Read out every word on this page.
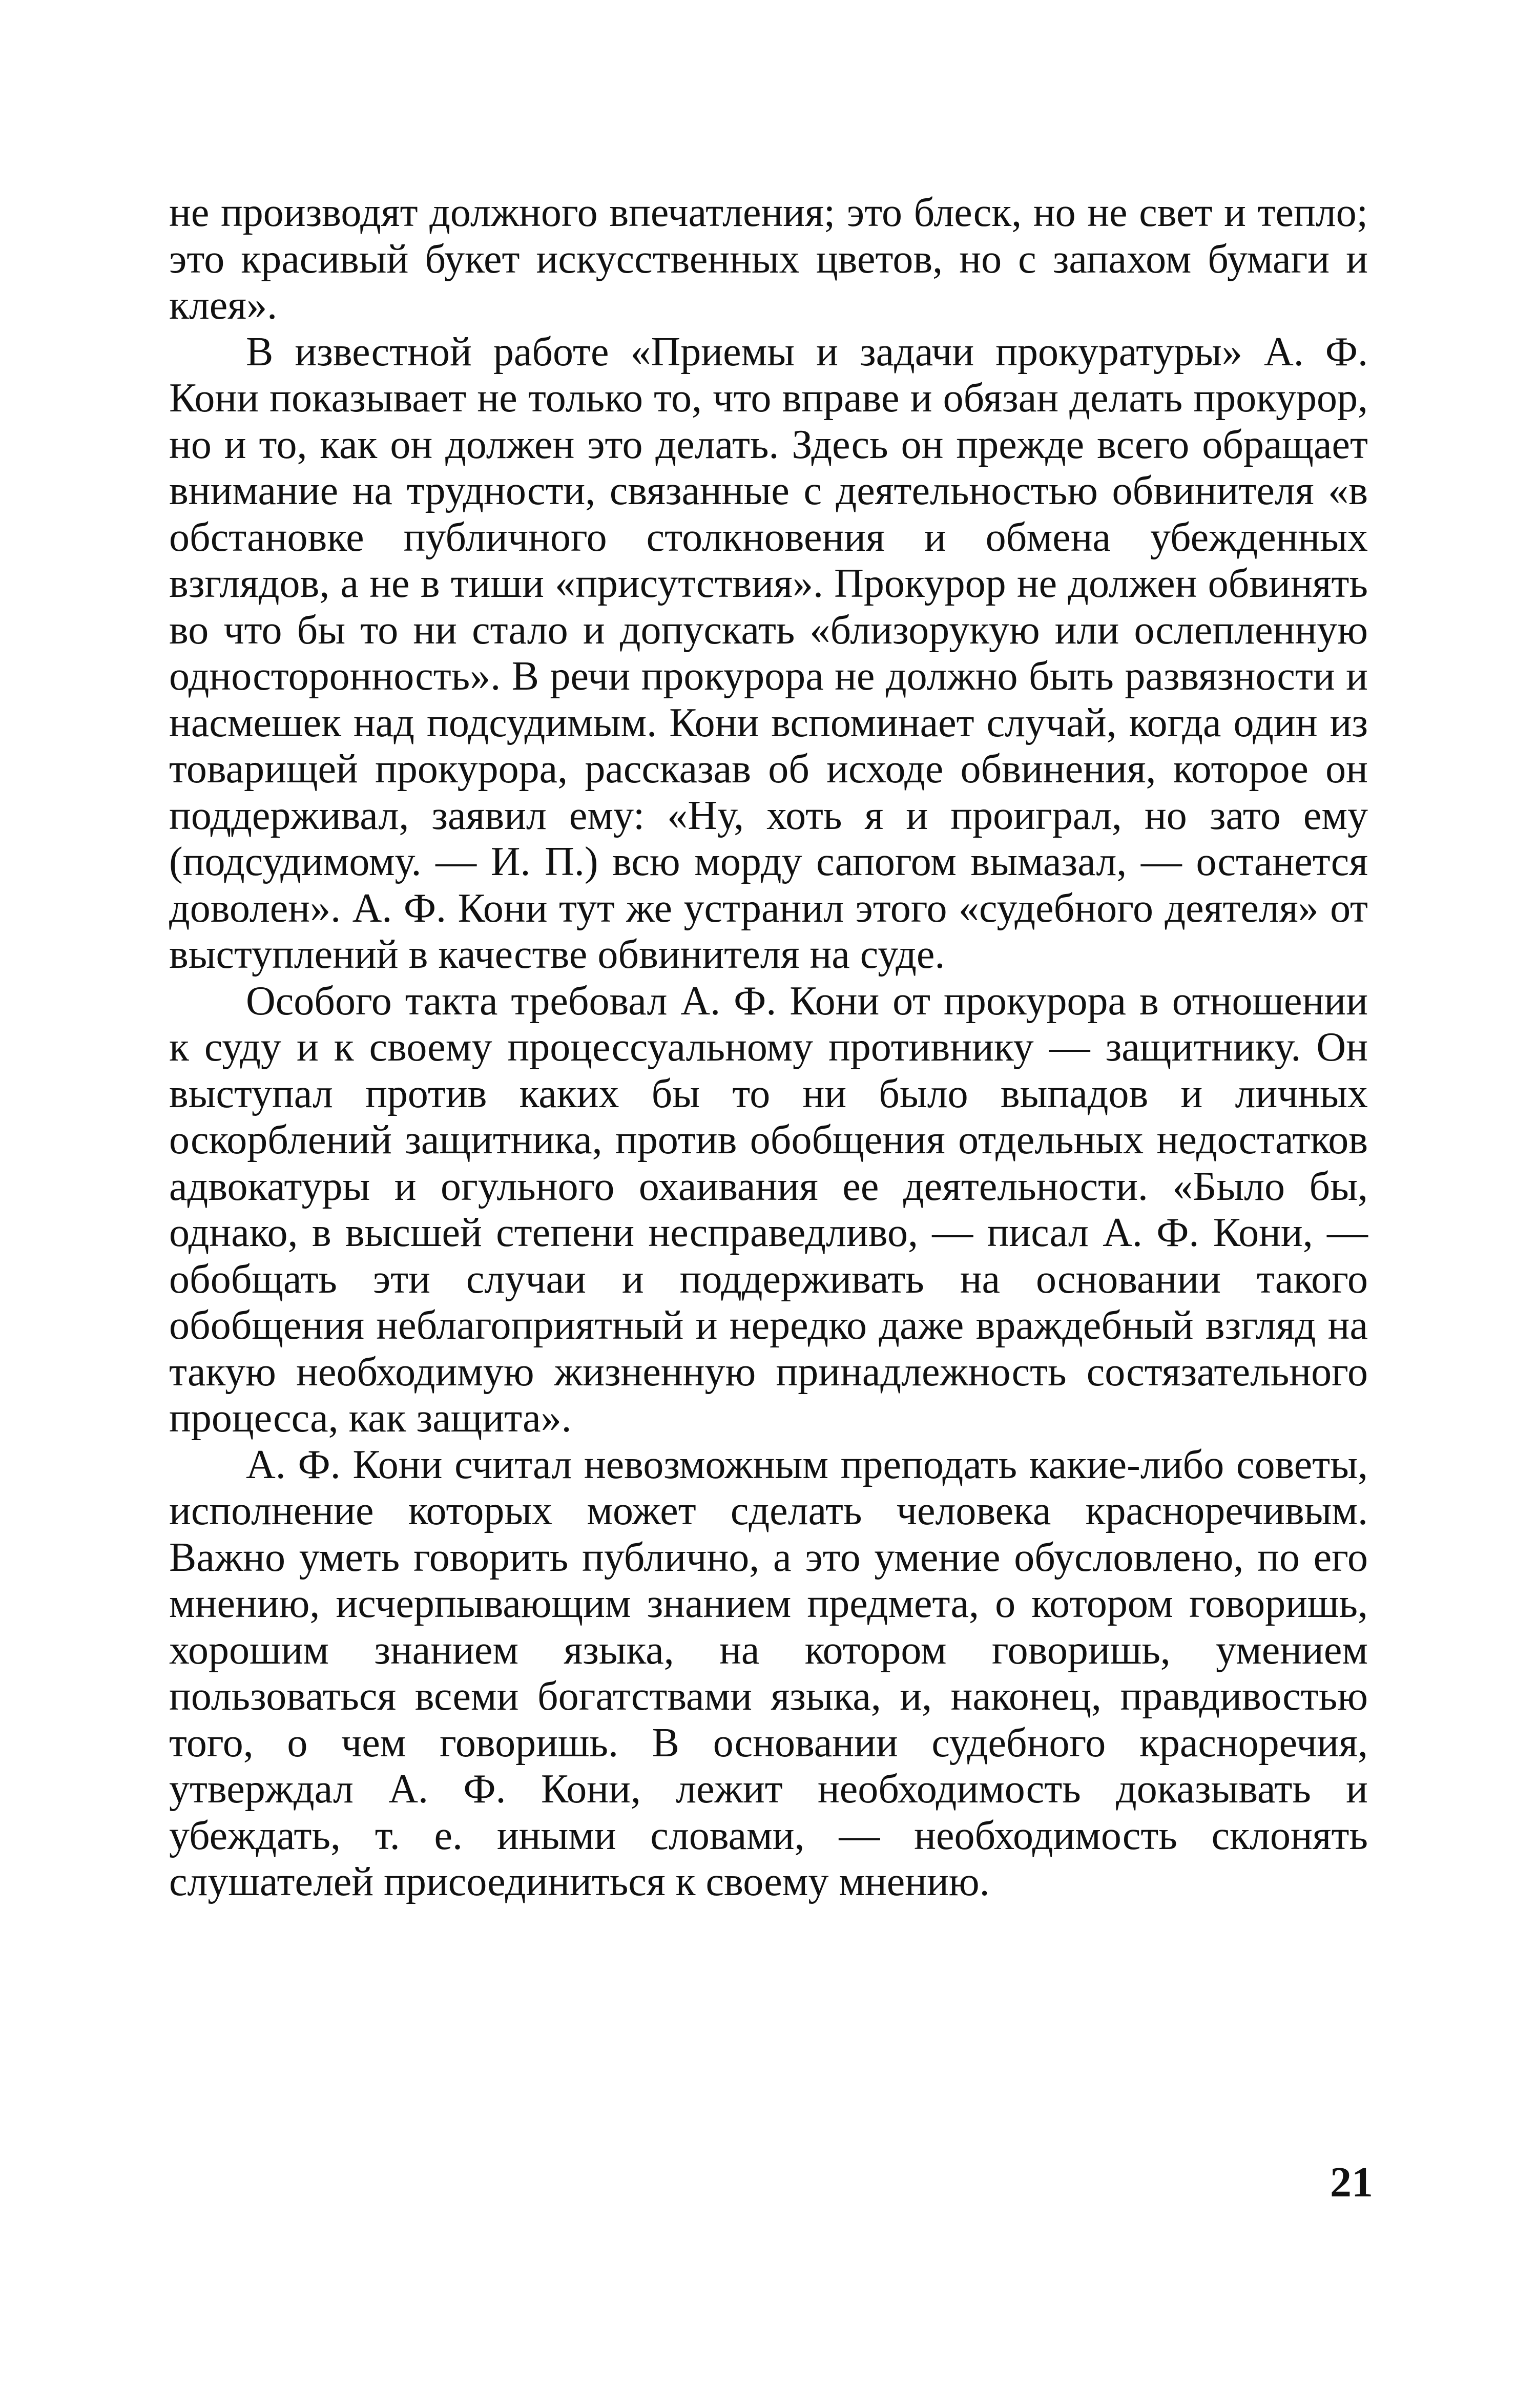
не производят должного впечатления; это блеск, но не свет и тепло; это красивый букет искусственных цветов, но с запахом бумаги и клея».

В известной работе «Приемы и задачи прокуратуры» А. Ф. Кони показывает не только то, что вправе и обязан делать прокурор, но и то, как он должен это делать. Здесь он прежде всего обращает внимание на трудности, связанные с деятельностью обвинителя «в обстановке публичного столкновения и обмена убежденных взглядов, а не в тиши «присутствия». Прокурор не должен обвинять во что бы то ни стало и допускать «близорукую или ослепленную односторонность». В речи прокурора не должно быть развязности и насмешек над подсудимым. Кони вспоминает случай, когда один из товарищей прокурора, рассказав об исходе обвинения, которое он поддерживал, заявил ему: «Ну, хоть я и проиграл, но зато ему (подсудимому. — И. П.) всю морду сапогом вымазал, — останется доволен». А. Ф. Кони тут же устранил этого «судебного деятеля» от выступлений в качестве обвинителя на суде.

Особого такта требовал А. Ф. Кони от прокурора в отношении к суду и к своему процессуальному противнику — защитнику. Он выступал против каких бы то ни было выпадов и личных оскорблений защитника, против обобщения отдельных недостатков адвокатуры и огульного охаивания ее деятельности. «Было бы, однако, в высшей степени несправедливо, — писал А. Ф. Кони, — обобщать эти случаи и поддерживать на основании такого обобщения неблагоприятный и нередко даже враждебный взгляд на такую необходимую жизненную принадлежность состязательного процесса, как защита».

А. Ф. Кони считал невозможным преподать какие-либо советы, исполнение которых может сделать человека красноречивым. Важно уметь говорить публично, а это умение обусловлено, по его мнению, исчерпывающим знанием предмета, о котором говоришь, хорошим знанием языка, на котором говоришь, умением пользоваться всеми богатствами языка, и, наконец, правдивостью того, о чем говоришь. В основании судебного красноречия, утверждал А. Ф. Кони, лежит необходимость доказывать и убеждать, т. е. иными словами, — необходимость склонять слушателей присоединиться к своему мнению.

21
